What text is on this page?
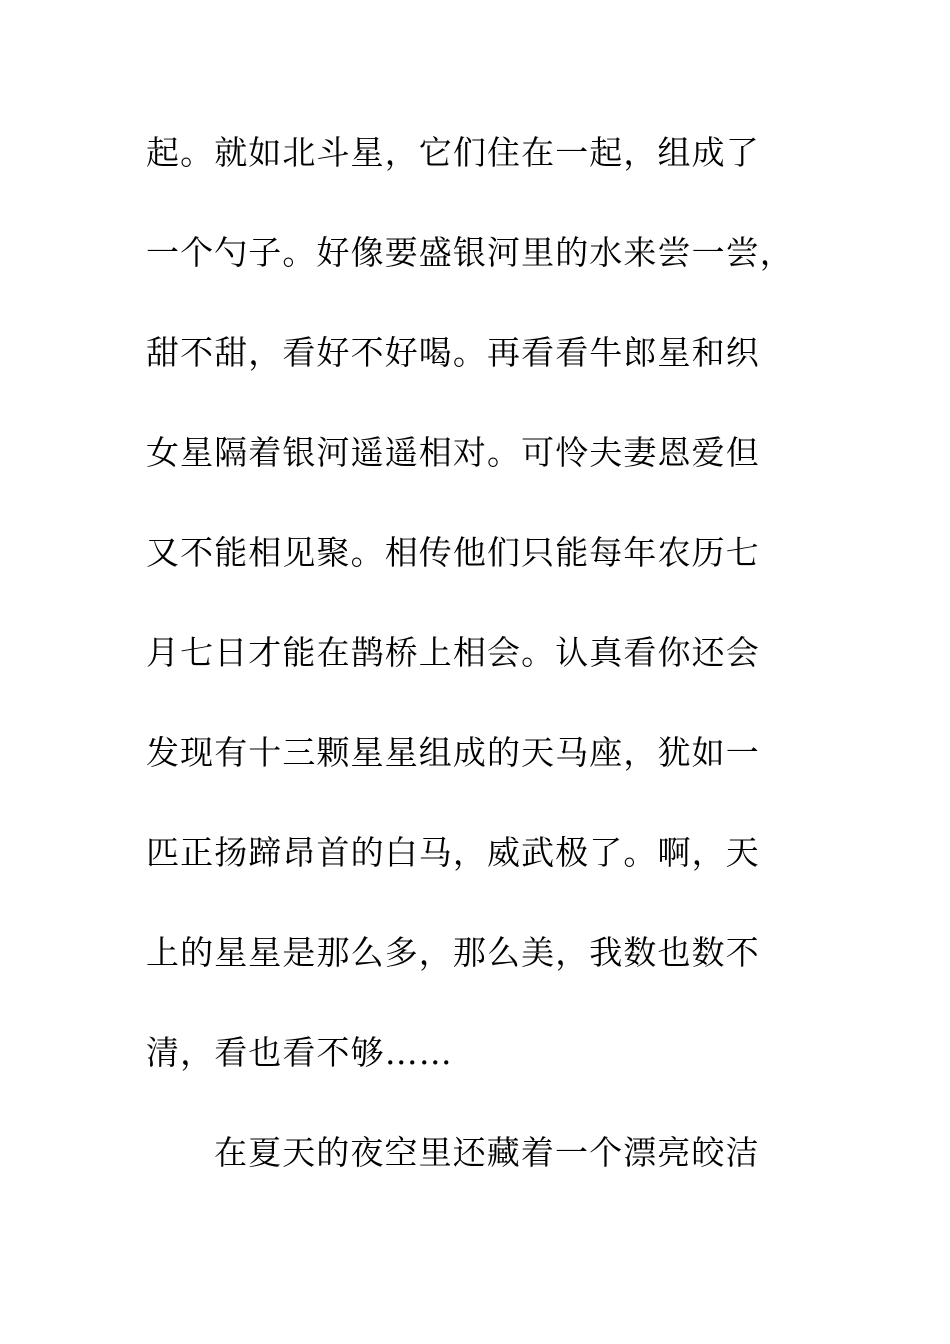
起。就如北斗星，它们住在一起，组成了
一个勺子。好像要盛银河里的水来尝一尝，
甜不甜，看好不好喝。再看看牛郎星和织
女星隔着银河遥遥相对。可怜夫妻恩爱但
又不能相见聚。相传他们只能每年农历七
月七日才能在鹊桥上相会。认真看你还会
发现有十三颗星星组成的天马座，犹如一
匹正扬蹄昂首的白马，威武极了。啊，天
上的星星是那么多，那么美，我数也数不
清，看也看不够……
在夏天的夜空里还藏着一个漂亮皎洁
